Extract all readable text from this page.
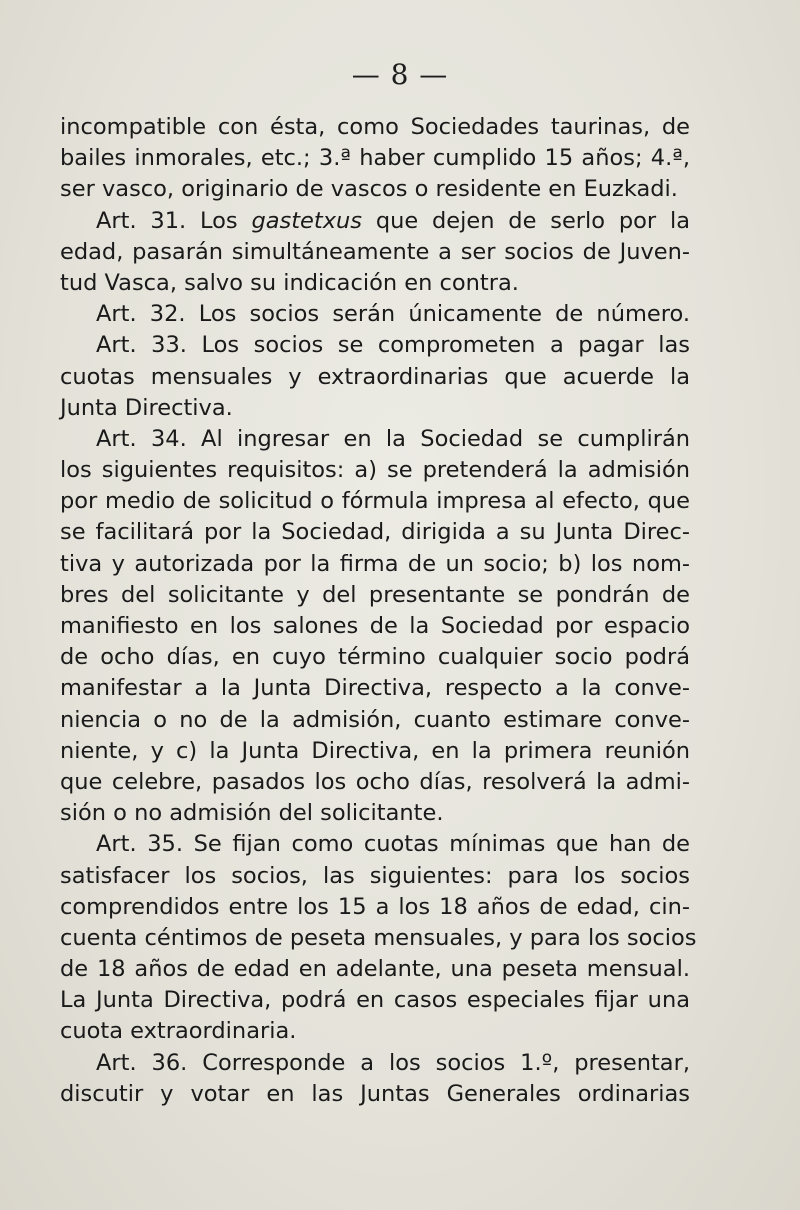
— 8 —
incompatible con ésta, como Sociedades taurinas, de
bailes inmorales, etc.; 3.ª haber cumplido 15 años; 4.ª,
ser vasco, originario de vascos o residente en Euzkadi.
Art. 31. Los gastetxus que dejen de serlo por la
edad, pasarán simultáneamente a ser socios de Juven-
tud Vasca, salvo su indicación en contra.
Art. 32. Los socios serán únicamente de número.
Art. 33. Los socios se comprometen a pagar las
cuotas mensuales y extraordinarias que acuerde la
Junta Directiva.
Art. 34. Al ingresar en la Sociedad se cumplirán
los siguientes requisitos: a) se pretenderá la admisión
por medio de solicitud o fórmula impresa al efecto, que
se facilitará por la Sociedad, dirigida a su Junta Direc-
tiva y autorizada por la firma de un socio; b) los nom-
bres del solicitante y del presentante se pondrán de
manifiesto en los salones de la Sociedad por espacio
de ocho días, en cuyo término cualquier socio podrá
manifestar a la Junta Directiva, respecto a la conve-
niencia o no de la admisión, cuanto estimare conve-
niente, y c) la Junta Directiva, en la primera reunión
que celebre, pasados los ocho días, resolverá la admi-
sión o no admisión del solicitante.
Art. 35. Se fijan como cuotas mínimas que han de
satisfacer los socios, las siguientes: para los socios
comprendidos entre los 15 a los 18 años de edad, cin-
cuenta céntimos de peseta mensuales, y para los socios
de 18 años de edad en adelante, una peseta mensual.
La Junta Directiva, podrá en casos especiales fijar una
cuota extraordinaria.
Art. 36. Corresponde a los socios 1.º, presentar,
discutir y votar en las Juntas Generales ordinarias
